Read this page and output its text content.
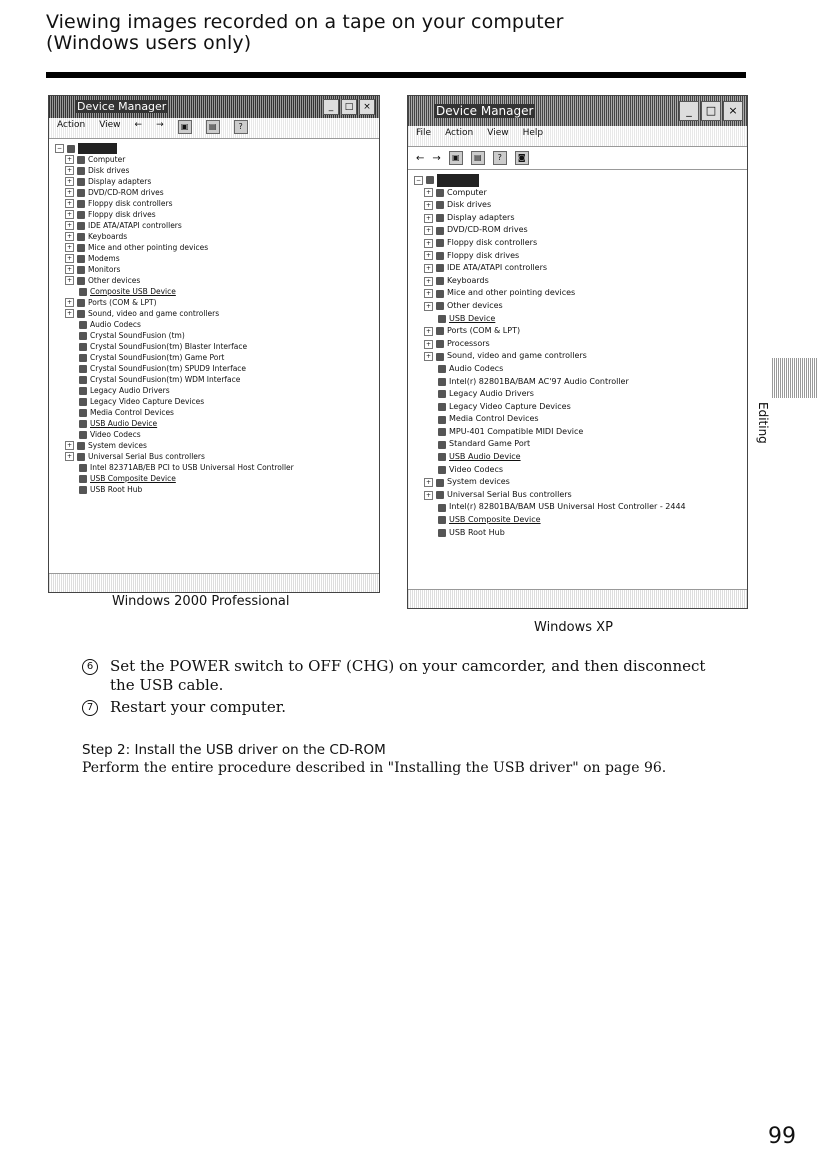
Viewing images recorded on a tape on your computer
(Windows users only)
Device Manager	_	□	×
Action View ← →	▣	▤	?
−

+ Computer
+ Disk drives
+ Display adapters
+ DVD/CD-ROM drives
+ Floppy disk controllers
+ Floppy disk drives
+ IDE ATA/ATAPI controllers
+ Keyboards
+ Mice and other pointing devices
+ Modems
+ Monitors
+ Other devices
Composite USB Device
+ Ports (COM & LPT)
+ Sound, video and game controllers
Audio Codecs
Crystal SoundFusion (tm)
Crystal SoundFusion(tm) Blaster Interface
Crystal SoundFusion(tm) Game Port
Crystal SoundFusion(tm) SPUD9 Interface
Crystal SoundFusion(tm) WDM Interface
Legacy Audio Drivers
Legacy Video Capture Devices
Media Control Devices
USB Audio Device
Video Codecs
+ System devices
+ Universal Serial Bus controllers
Intel 82371AB/EB PCI to USB Universal Host Controller
USB Composite Device
USB Root Hub
Windows 2000 Professional
Device Manager	_	□	×
File Action View Help
← →	▣	▤	?	◙
−

+ Computer
+ Disk drives
+ Display adapters
+ DVD/CD-ROM drives
+ Floppy disk controllers
+ Floppy disk drives
+ IDE ATA/ATAPI controllers
+ Keyboards
+ Mice and other pointing devices
+ Other devices
USB Device
+ Ports (COM & LPT)
+ Processors
+ Sound, video and game controllers
Audio Codecs
Intel(r) 82801BA/BAM AC'97 Audio Controller
Legacy Audio Drivers
Legacy Video Capture Devices
Media Control Devices
MPU-401 Compatible MIDI Device
Standard Game Port
USB Audio Device
Video Codecs
+ System devices
+ Universal Serial Bus controllers
Intel(r) 82801BA/BAM USB Universal Host Controller - 2444
USB Composite Device
USB Root Hub
Windows XP
6 Set the POWER switch to OFF (CHG) on your camcorder, and then disconnect
the USB cable.
7 Restart your computer.
Step 2: Install the USB driver on the CD-ROM
Perform the entire procedure described in "Installing the USB driver" on page 96.
Editing
99
